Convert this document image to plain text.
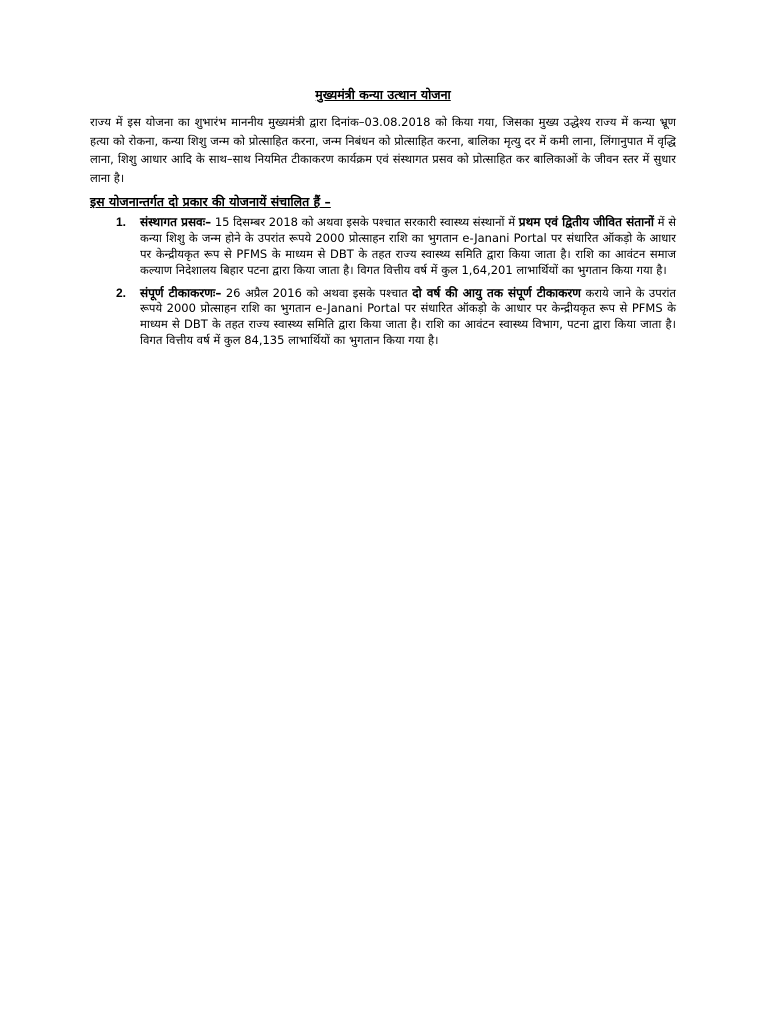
मुख्यमंत्री कन्या उत्थान योजना

राज्य में इस योजना का शुभारंभ माननीय मुख्यमंत्री द्वारा दिनांक–03.08.2018 को किया गया, जिसका मुख्य उद्धेश्य राज्य में कन्या भ्रूण हत्या को रोकना, कन्या शिशु जन्म को प्रोत्साहित करना, जन्म निबंधन को प्रोत्साहित करना, बालिका मृत्यु दर में कमी लाना, लिंगानुपात में वृद्धि लाना, शिशु आधार आदि के साथ–साथ नियमित टीकाकरण कार्यक्रम एवं संस्थागत प्रसव को प्रोत्साहित कर बालिकाओं के जीवन स्तर में सुधार लाना है।

इस योजनान्तर्गत दो प्रकार की योजनायें संचालित हैं –
1. संस्थागत प्रसवः– 15 दिसम्बर 2018 को अथवा इसके पश्चात सरकारी स्वास्थ्य संस्थानों में प्रथम एवं द्वितीय जीवित संतानों में से कन्या शिशु के जन्म होने के उपरांत रूपये 2000 प्रोत्साहन राशि का भुगतान e-Janani Portal पर संधारित ऑकड़ो के आधार पर केन्द्रीयकृत रूप से PFMS के माध्यम से DBT के तहत राज्य स्वास्थ्य समिति द्वारा किया जाता है। राशि का आवंटन समाज कल्याण निदेशालय बिहार पटना द्वारा किया जाता है। विगत वित्तीय वर्ष में कुल 1,64,201 लाभार्थियों का भुगतान किया गया है।
2. संपूर्ण टीकाकरणः– 26 अप्रैल 2016 को अथवा इसके पश्चात दो वर्ष की आयु तक संपूर्ण टीकाकरण कराये जाने के उपरांत रूपये 2000 प्रोत्साहन राशि का भुगतान e-Janani Portal पर संधारित ऑकड़ो के आधार पर केन्द्रीयकृत रूप से PFMS के माध्यम से DBT के तहत राज्य स्वास्थ्य समिति द्वारा किया जाता है। राशि का आवंटन स्वास्थ्य विभाग, पटना द्वारा किया जाता है। विगत वित्तीय वर्ष में कुल 84,135 लाभार्थियों का भुगतान किया गया है।
